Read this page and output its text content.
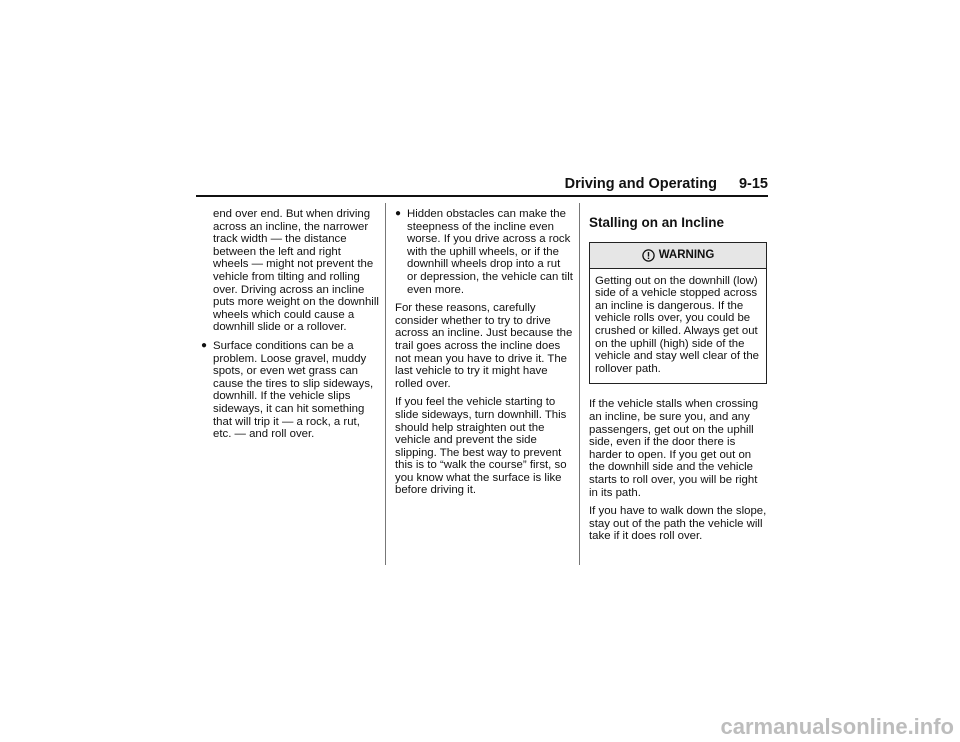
Driving and Operating 9-15

end over end. But when driving across an incline, the narrower track width — the distance between the left and right wheels — might not prevent the vehicle from tilting and rolling over. Driving across an incline puts more weight on the downhill wheels which could cause a downhill slide or a rollover.

● Surface conditions can be a problem. Loose gravel, muddy spots, or even wet grass can cause the tires to slip sideways, downhill. If the vehicle slips sideways, it can hit something that will trip it — a rock, a rut, etc. — and roll over.
● Hidden obstacles can make the steepness of the incline even worse. If you drive across a rock with the uphill wheels, or if the downhill wheels drop into a rut or depression, the vehicle can tilt even more.

For these reasons, carefully consider whether to try to drive across an incline. Just because the trail goes across the incline does not mean you have to drive it. The last vehicle to try it might have rolled over.

If you feel the vehicle starting to slide sideways, turn downhill. This should help straighten out the vehicle and prevent the side slipping. The best way to prevent this is to “walk the course” first, so you know what the surface is like before driving it.

Stalling on an Incline
WARNING
Getting out on the downhill (low) side of a vehicle stopped across an incline is dangerous. If the vehicle rolls over, you could be crushed or killed. Always get out on the uphill (high) side of the vehicle and stay well clear of the rollover path.

If the vehicle stalls when crossing an incline, be sure you, and any passengers, get out on the uphill side, even if the door there is harder to open. If you get out on the downhill side and the vehicle starts to roll over, you will be right in its path.

If you have to walk down the slope, stay out of the path the vehicle will take if it does roll over.

carmanualsonline.info
